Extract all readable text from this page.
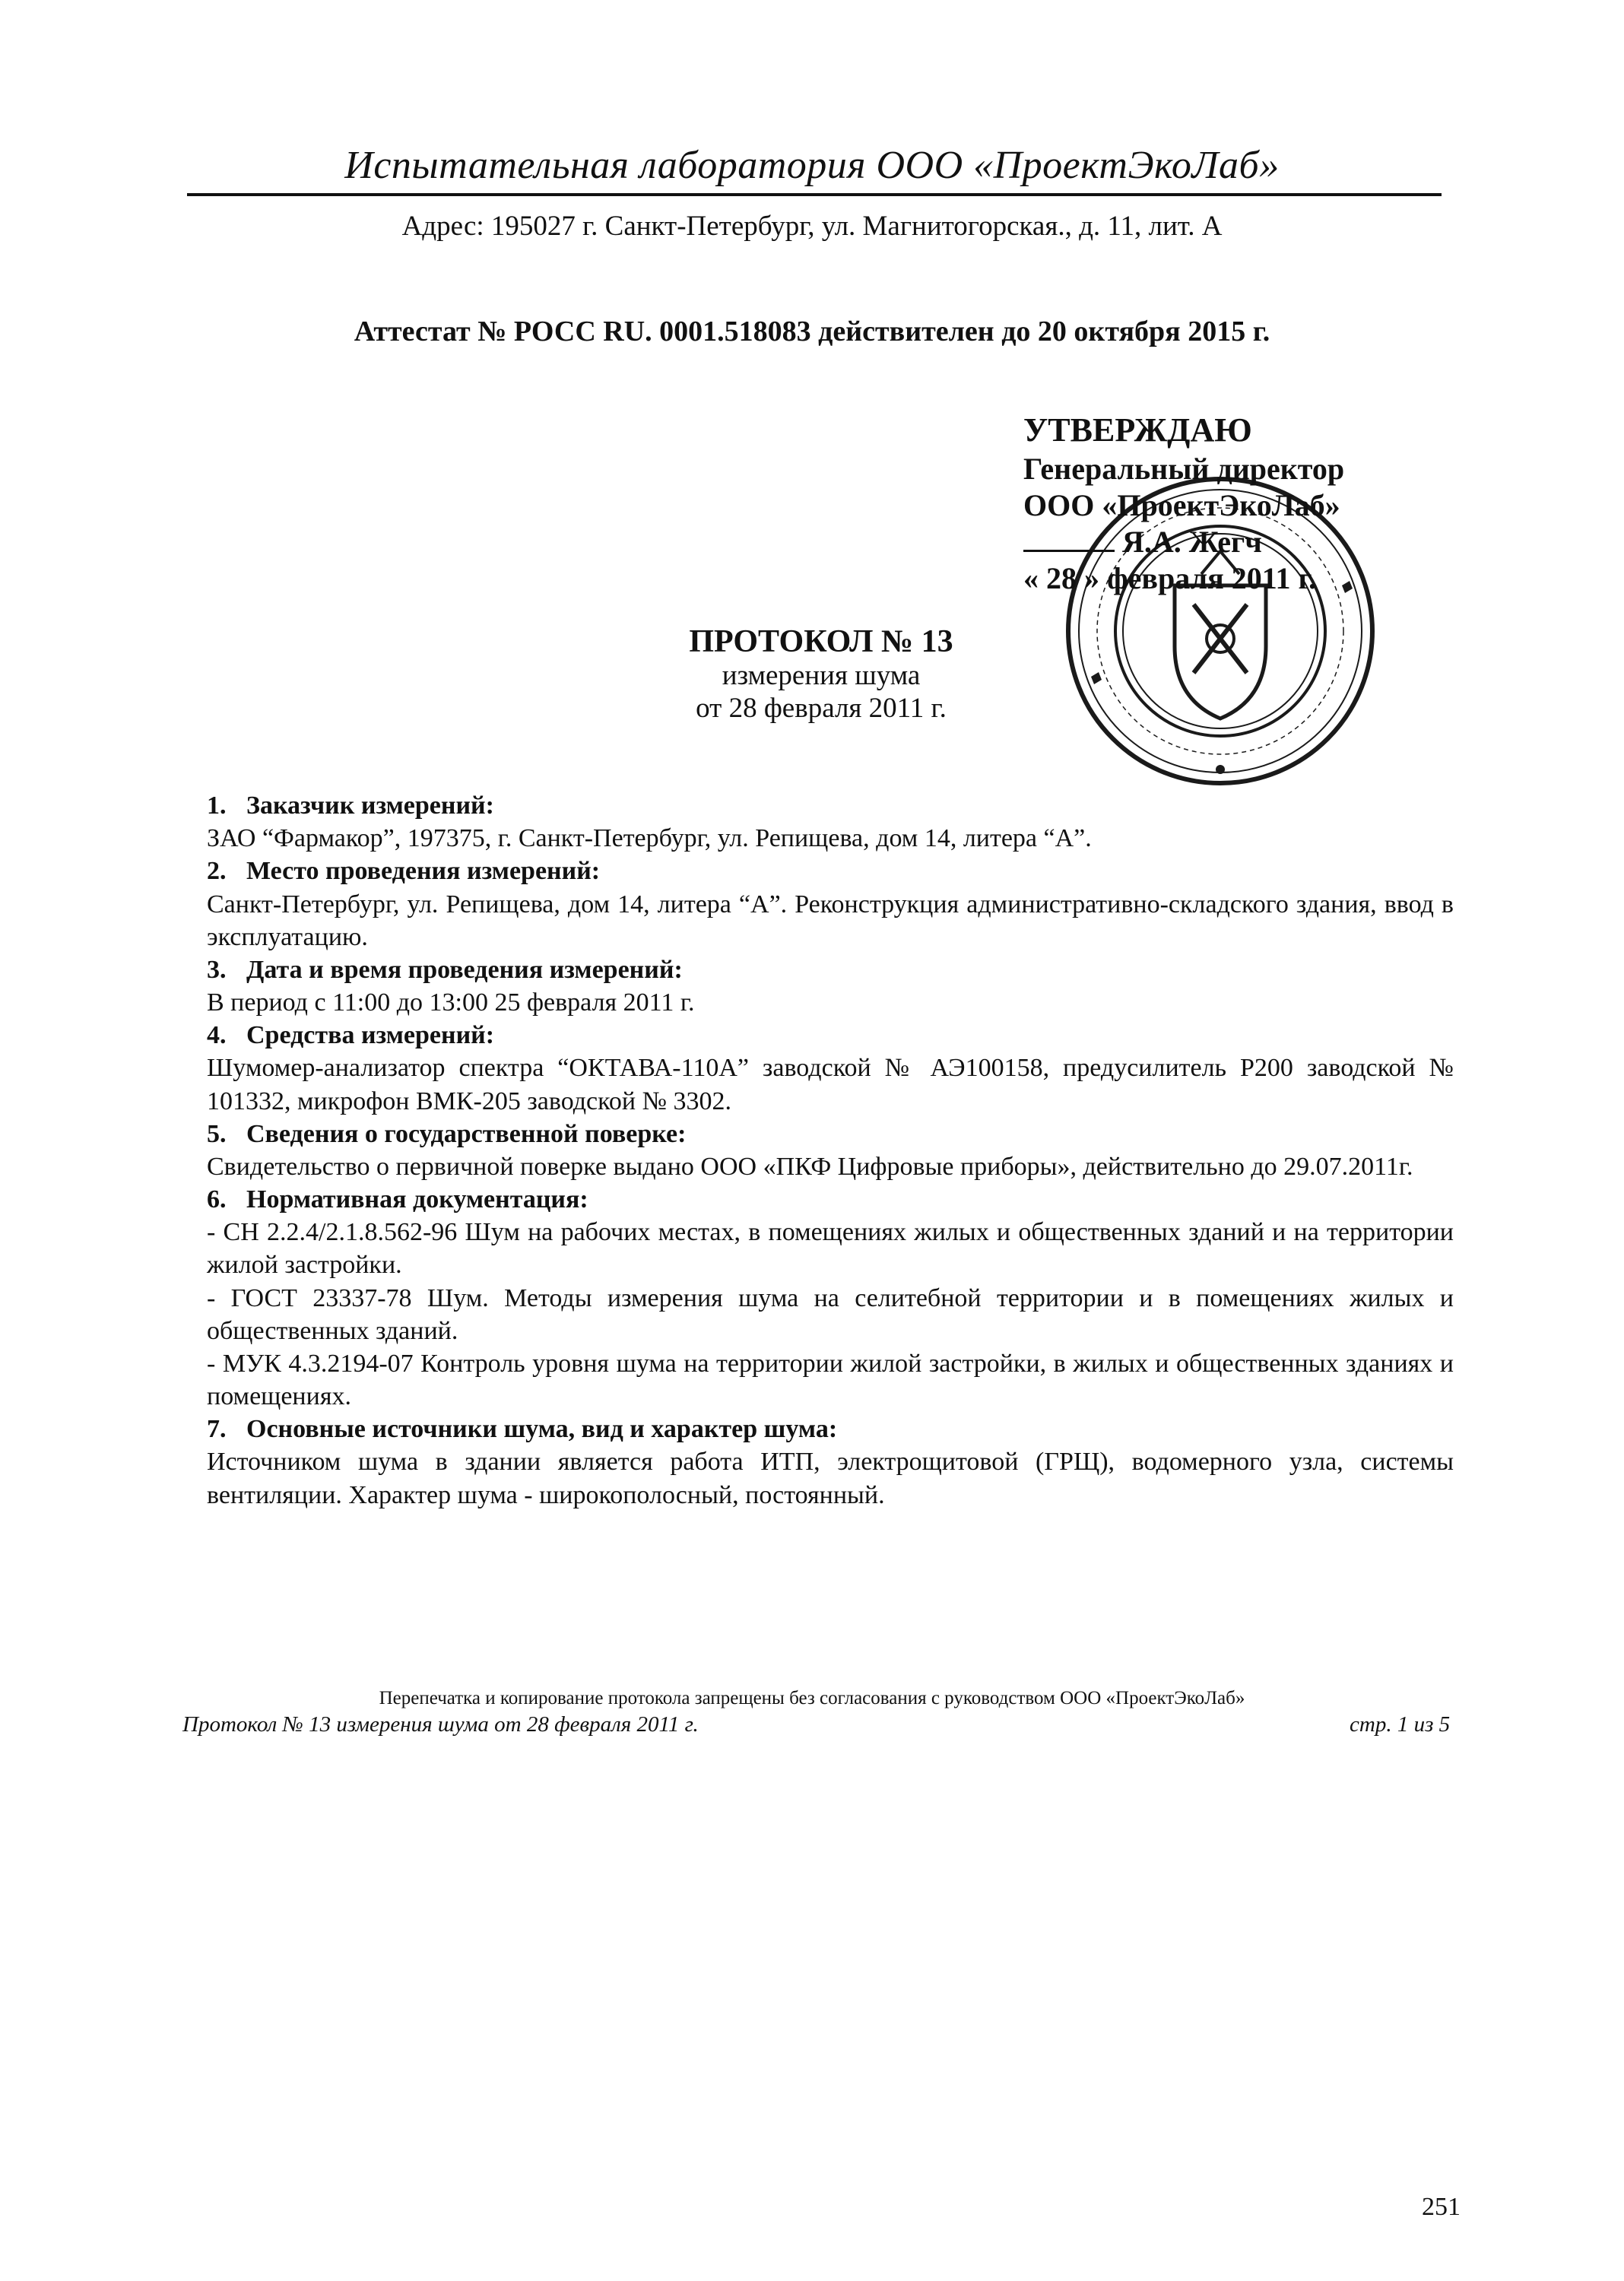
Испытательная лаборатория ООО «ПроектЭкоЛаб»
Адрес: 195027 г. Санкт-Петербург, ул. Магнитогорская., д. 11, лит. А
Аттестат № РОСС RU. 0001.518083 действителен до 20 октября 2015 г.
УТВЕРЖДАЮ
Генеральный директор
ООО «ПроектЭкоЛаб»
Я.А. Жегч
« 28 » февраля 2011 г.
ПРОТОКОЛ № 13
измерения шума
от 28 февраля 2011 г.
1. Заказчик измерений:
ЗАО “Фармакор”, 197375, г. Санкт-Петербург, ул. Репищева, дом 14, литера “А”.
2. Место проведения измерений:
Санкт-Петербург, ул. Репищева, дом 14, литера “А”. Реконструкция административно-складского здания, ввод в эксплуатацию.
3. Дата и время проведения измерений:
В период с 11:00 до 13:00 25 февраля 2011 г.
4. Средства измерений:
Шумомер-анализатор спектра “ОКТАВА-110А” заводской № АЭ100158, предусилитель Р200 заводской № 101332, микрофон ВМК-205 заводской № 3302.
5. Сведения о государственной поверке:
Свидетельство о первичной поверке выдано ООО «ПКФ Цифровые приборы», действительно до 29.07.2011г.
6. Нормативная документация:
- СН 2.2.4/2.1.8.562-96 Шум на рабочих местах, в помещениях жилых и общественных зданий и на территории жилой застройки.
- ГОСТ 23337-78 Шум. Методы измерения шума на селитебной территории и в помещениях жилых и общественных зданий.
- МУК 4.3.2194-07 Контроль уровня шума на территории жилой застройки, в жилых и общественных зданиях и помещениях.
7. Основные источники шума, вид и характер шума:
Источником шума в здании является работа ИТП, электрощитовой (ГРЩ), водомерного узла, системы вентиляции. Характер шума - широкополосный, постоянный.
Перепечатка и копирование протокола запрещены без согласования с руководством ООО «ПроектЭкоЛаб»
Протокол № 13 измерения шума от 28 февраля 2011 г.	стр. 1 из 5
251
